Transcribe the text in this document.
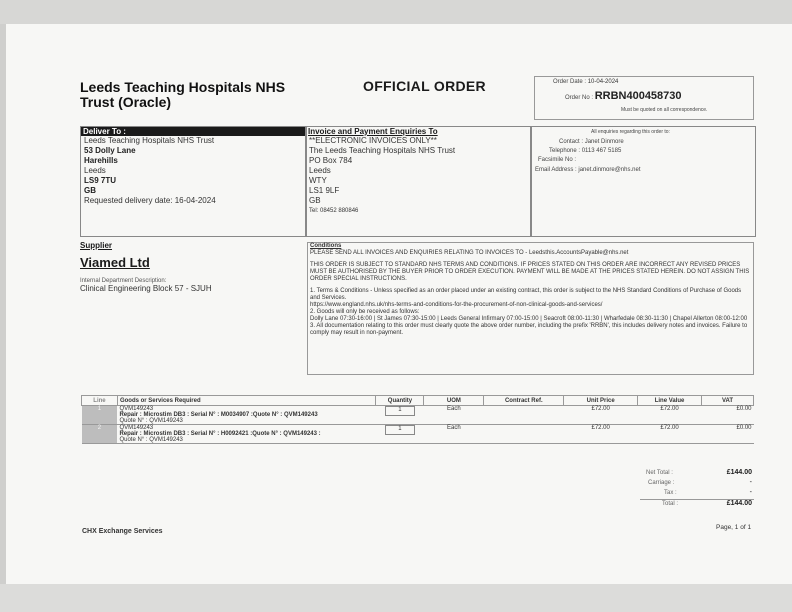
Leeds Teaching Hospitals NHS
Trust (Oracle)
OFFICIAL ORDER	Order Date : 10-04-2024
Order No : RRBN400458730
Must be quoted on all correspondence.
Deliver To :
Leeds Teaching Hospitals NHS Trust
53 Dolly Lane
Harehills
Leeds
LS9 7TU
GB
Requested delivery date: 16-04-2024
Invoice and Payment Enquiries To
**ELECTRONIC INVOICES ONLY**
The Leeds Teaching Hospitals NHS Trust
PO Box 784
Leeds
WTY
LS1 9LF
GB
Tel: 08452 880846
All enquiries regarding this order to:
Contact : Janet Dinmore
Telephone : 0113 467 5185
Facsimile No :
Email Address : janet.dinmore@nhs.net
Supplier
Viamed Ltd
Internal Department Description:
Clinical Engineering Block 57 - SJUH
Conditions

PLEASE SEND ALL INVOICES AND ENQUIRIES RELATING TO INVOICES TO - Leedsthis.AccountsPayable@nhs.net

THIS ORDER IS SUBJECT TO STANDARD NHS TERMS AND CONDITIONS. IF PRICES STATED ON THIS ORDER ARE INCORRECT ANY REVISED PRICES MUST BE AUTHORISED BY THE BUYER PRIOR TO ORDER EXECUTION. PAYMENT WILL BE MADE AT THE PRICES STATED HEREIN. DO NOT ASSIGN THIS ORDER SPECIAL INSTRUCTIONS.

1. Terms & Conditions - Unless specified as an order placed under an existing contract, this order is subject to the NHS Standard Conditions of Purchase of Goods and Services.
https://www.england.nhs.uk/nhs-terms-and-conditions-for-the-procurement-of-non-clinical-goods-and-services/
2. Goods will only be received as follows:
Dolly Lane 07:30-16:00 | St James 07:30-15:00 | Leeds General Infirmary 07:00-15:00 | Seacroft 08:00-11:30 | Wharfedale 08:30-11:30 | Chapel Allerton 08:00-12:00
3. All documentation relating to this order must clearly quote the above order number, including the prefix 'RRBN', this includes delivery notes and invoices. Failure to comply may result in non-payment.
Line	Goods or Services Required	Quantity	UOM	Contract Ref.	Unit Price	Line Value	VAT
1	QVM149243
Repair : Microstim DB3 : Serial N° : M0034907 :Quote N° : QVM149243
Quote N° : QVM149243	1	Each		£72.00	£72.00	£0.00
2	QVM149243
Repair : Microstim DB3 : Serial N° : H0092421 :Quote N° : QVM149243 :
Quote N° : QVM149243	1	Each		£72.00	£72.00	£0.00
Net Total :	£144.00
Carriage :	-
Tax :	-
Total :	£144.00
CHX Exchange Services
Page, 1 of 1
